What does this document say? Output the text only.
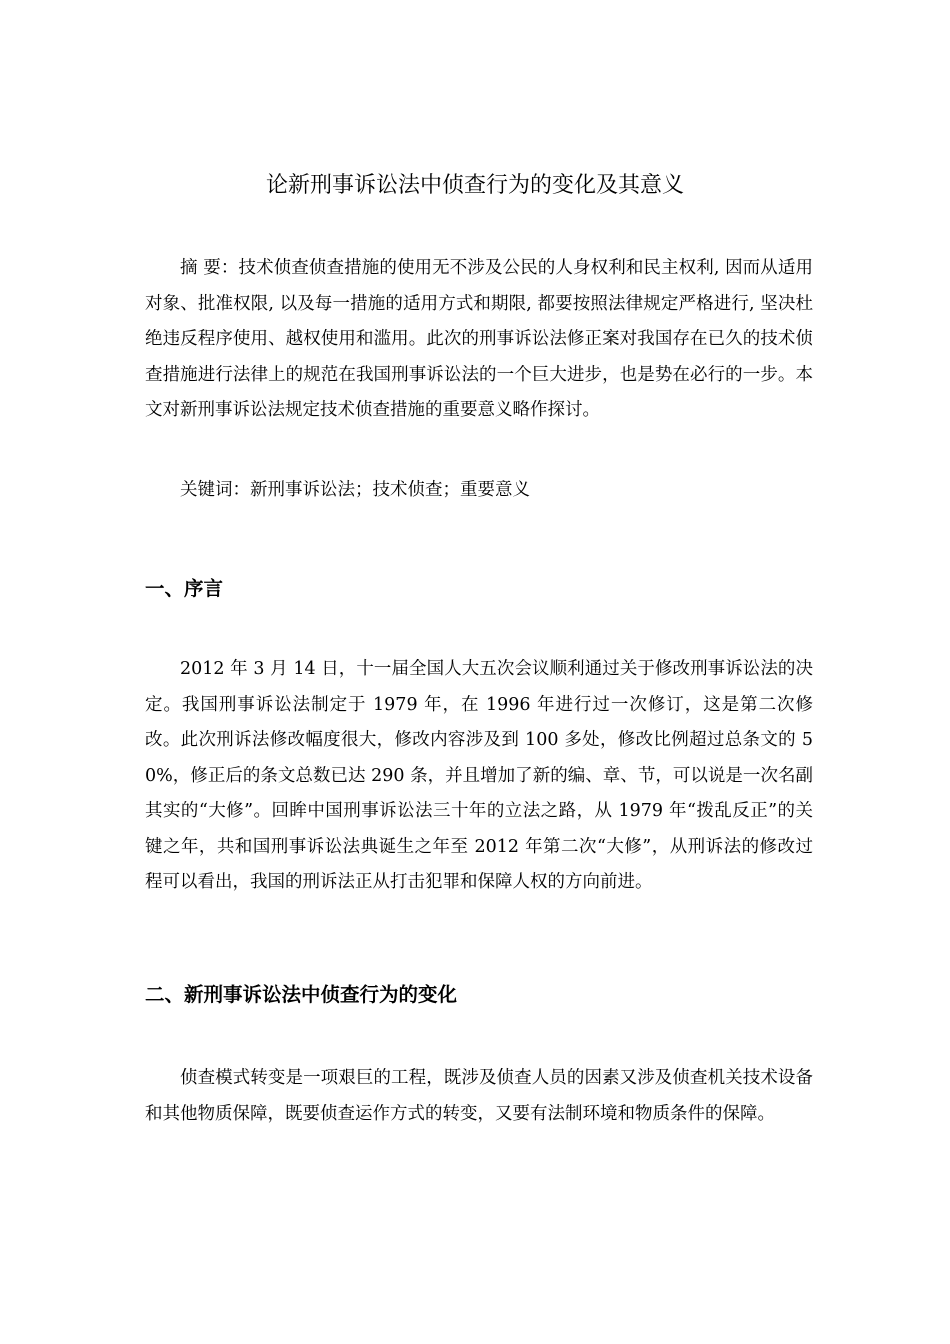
论新刑事诉讼法中侦查行为的变化及其意义

摘 要：技术侦查侦查措施的使用无不涉及公民的人身权利和民主权利, 因而从适用对象、批准权限, 以及每一措施的适用方式和期限, 都要按照法律规定严格进行, 坚决杜绝违反程序使用、越权使用和滥用。此次的刑事诉讼法修正案对我国存在已久的技术侦查措施进行法律上的规范在我国刑事诉讼法的一个巨大进步，也是势在必行的一步。本文对新刑事诉讼法规定技术侦查措施的重要意义略作探讨。

关键词：新刑事诉讼法；技术侦查；重要意义

一、序言

2012 年 3 月 14 日，十一届全国人大五次会议顺利通过关于修改刑事诉讼法的决定。我国刑事诉讼法制定于 1979 年，在 1996 年进行过一次修订，这是第二次修改。此次刑诉法修改幅度很大，修改内容涉及到 100 多处，修改比例超过总条文的 50%，修正后的条文总数已达 290 条，并且增加了新的编、章、节，可以说是一次名副其实的“大修”。回眸中国刑事诉讼法三十年的立法之路，从 1979 年“拨乱反正”的关键之年，共和国刑事诉讼法典诞生之年至 2012 年第二次“大修”，从刑诉法的修改过程可以看出，我国的刑诉法正从打击犯罪和保障人权的方向前进。

二、新刑事诉讼法中侦查行为的变化

侦查模式转变是一项艰巨的工程，既涉及侦查人员的因素又涉及侦查机关技术设备和其他物质保障，既要侦查运作方式的转变，又要有法制环境和物质条件的保障。
